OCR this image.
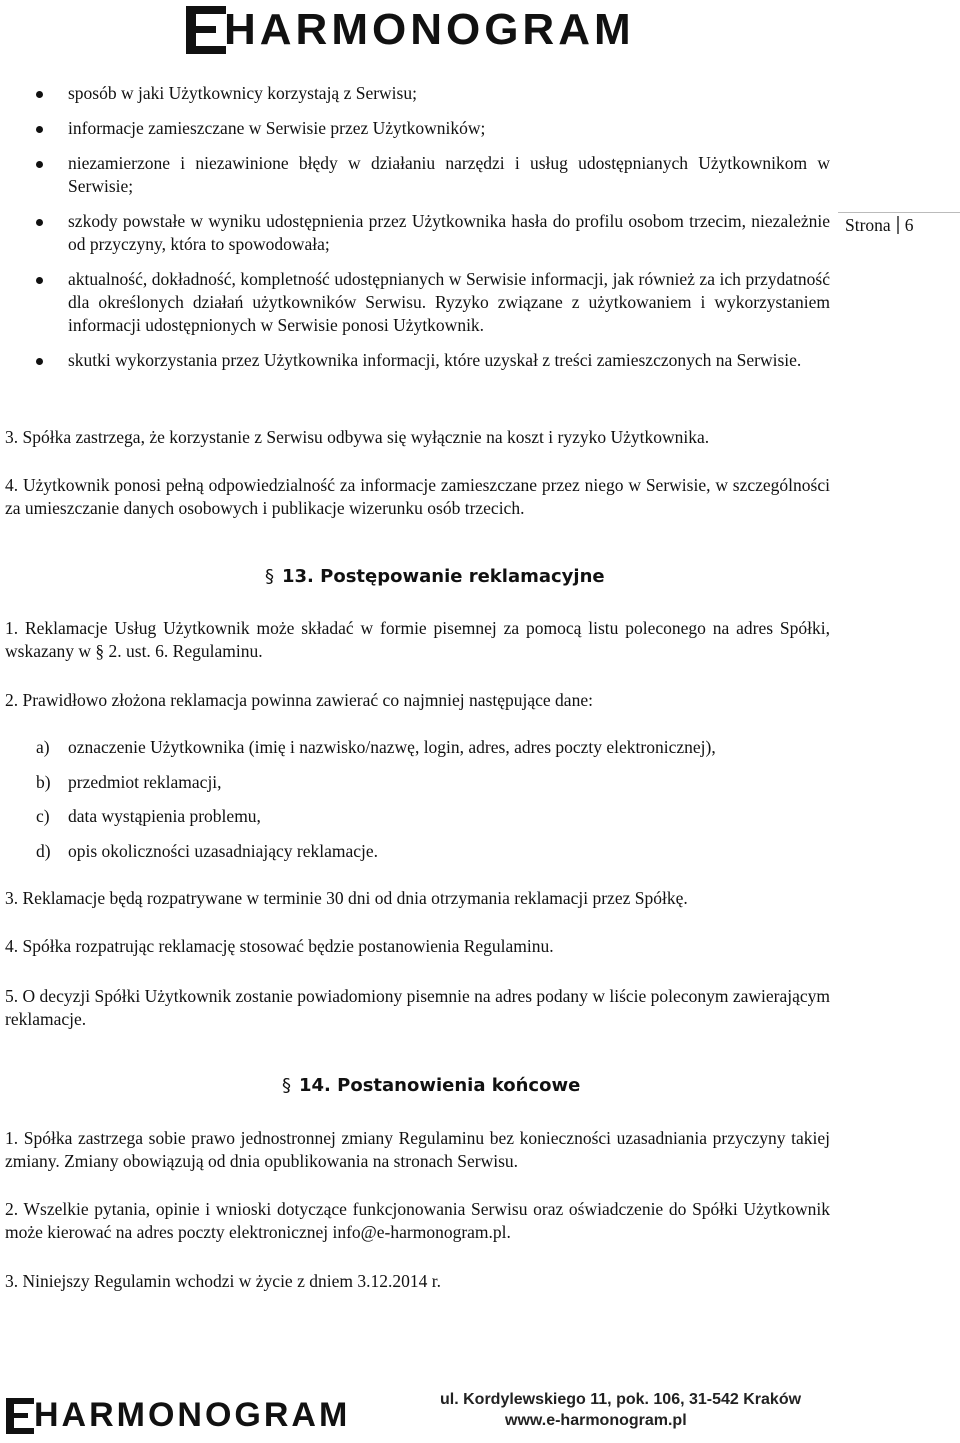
HARMONOGRAM
Strona 6
sposób w jaki Użytkownicy korzystają z Serwisu;
informacje zamieszczane w Serwisie przez Użytkowników;
niezamierzone i niezawinione błędy w działaniu narzędzi i usług udostępnianych Użytkownikom w Serwisie;
szkody powstałe w wyniku udostępnienia przez Użytkownika hasła do profilu osobom trzecim, niezależnie od przyczyny, która to spowodowała;
aktualność, dokładność, kompletność udostępnianych w Serwisie informacji, jak również za ich przydatność dla określonych działań użytkowników Serwisu. Ryzyko związane z użytkowaniem i wykorzystaniem informacji udostępnionych w Serwisie ponosi Użytkownik.
skutki wykorzystania przez Użytkownika informacji, które uzyskał z treści zamieszczonych na Serwisie.

3. Spółka zastrzega, że korzystanie z Serwisu odbywa się wyłącznie na koszt i ryzyko Użytkownika.

4. Użytkownik ponosi pełną odpowiedzialność za informacje zamieszczane przez niego w Serwisie, w szczególności za umieszczanie danych osobowych i publikacje wizerunku osób trzecich.

§ 13. Postępowanie reklamacyjne

1. Reklamacje Usług Użytkownik może składać w formie pisemnej za pomocą listu poleconego na adres Spółki, wskazany w § 2. ust. 6. Regulaminu.

2. Prawidłowo złożona reklamacja powinna zawierać co najmniej następujące dane:

a) oznaczenie Użytkownika (imię i nazwisko/nazwę, login, adres, adres poczty elektronicznej),
b) przedmiot reklamacji,
c) data wystąpienia problemu,
d) opis okoliczności uzasadniający reklamacje.

3. Reklamacje będą rozpatrywane w terminie 30 dni od dnia otrzymania reklamacji przez Spółkę.

4. Spółka rozpatrując reklamację stosować będzie postanowienia Regulaminu.

5. O decyzji Spółki Użytkownik zostanie powiadomiony pisemnie na adres podany w liście poleconym zawierającym reklamacje.

§ 14. Postanowienia końcowe

1. Spółka zastrzega sobie prawo jednostronnej zmiany Regulaminu bez konieczności uzasadniania przyczyny takiej zmiany. Zmiany obowiązują od dnia opublikowania na stronach Serwisu.

2. Wszelkie pytania, opinie i wnioski dotyczące funkcjonowania Serwisu oraz oświadczenie do Spółki Użytkownik może kierować na adres poczty elektronicznej info@e-harmonogram.pl.

3. Niniejszy Regulamin wchodzi w życie z dniem 3.12.2014 r.

HARMONOGRAM	ul. Kordylewskiego 11, pok. 106, 31-542 Kraków
www.e-harmonogram.pl
